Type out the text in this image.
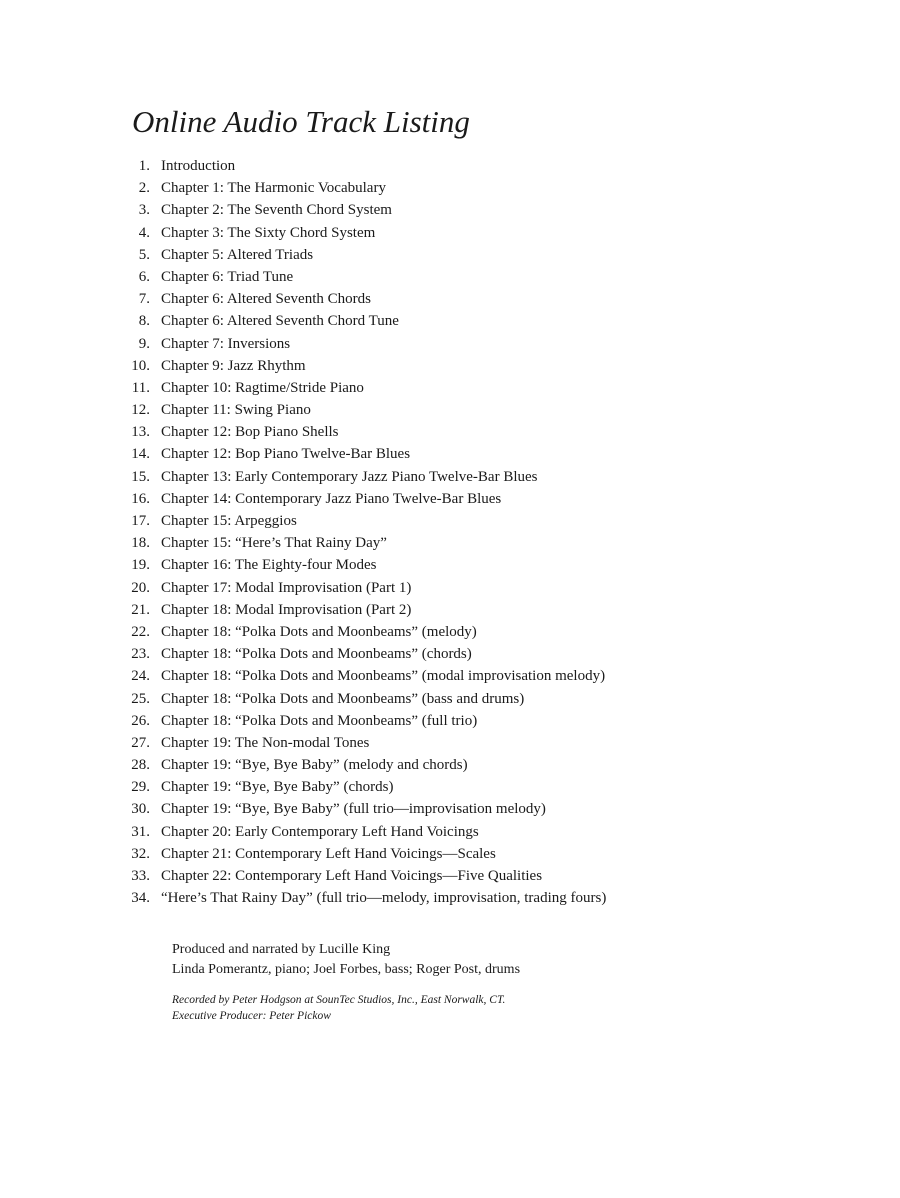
Online Audio Track Listing
1. Introduction
2. Chapter 1: The Harmonic Vocabulary
3. Chapter 2: The Seventh Chord System
4. Chapter 3: The Sixty Chord System
5. Chapter 5: Altered Triads
6. Chapter 6: Triad Tune
7. Chapter 6: Altered Seventh Chords
8. Chapter 6: Altered Seventh Chord Tune
9. Chapter 7: Inversions
10. Chapter 9: Jazz Rhythm
11. Chapter 10: Ragtime/Stride Piano
12. Chapter 11: Swing Piano
13. Chapter 12: Bop Piano Shells
14. Chapter 12: Bop Piano Twelve-Bar Blues
15. Chapter 13: Early Contemporary Jazz Piano Twelve-Bar Blues
16. Chapter 14: Contemporary Jazz Piano Twelve-Bar Blues
17. Chapter 15: Arpeggios
18. Chapter 15: “Here’s That Rainy Day”
19. Chapter 16: The Eighty-four Modes
20. Chapter 17: Modal Improvisation (Part 1)
21. Chapter 18: Modal Improvisation (Part 2)
22. Chapter 18: “Polka Dots and Moonbeams” (melody)
23. Chapter 18: “Polka Dots and Moonbeams” (chords)
24. Chapter 18: “Polka Dots and Moonbeams” (modal improvisation melody)
25. Chapter 18: “Polka Dots and Moonbeams” (bass and drums)
26. Chapter 18: “Polka Dots and Moonbeams” (full trio)
27. Chapter 19: The Non-modal Tones
28. Chapter 19: “Bye, Bye Baby” (melody and chords)
29. Chapter 19: “Bye, Bye Baby” (chords)
30. Chapter 19: “Bye, Bye Baby” (full trio—improvisation melody)
31. Chapter 20: Early Contemporary Left Hand Voicings
32. Chapter 21: Contemporary Left Hand Voicings—Scales
33. Chapter 22: Contemporary Left Hand Voicings—Five Qualities
34. “Here’s That Rainy Day” (full trio—melody, improvisation, trading fours)

Produced and narrated by Lucille King

Linda Pomerantz, piano; Joel Forbes, bass; Roger Post, drums

Recorded by Peter Hodgson at SounTec Studios, Inc., East Norwalk, CT.

Executive Producer: Peter Pickow
